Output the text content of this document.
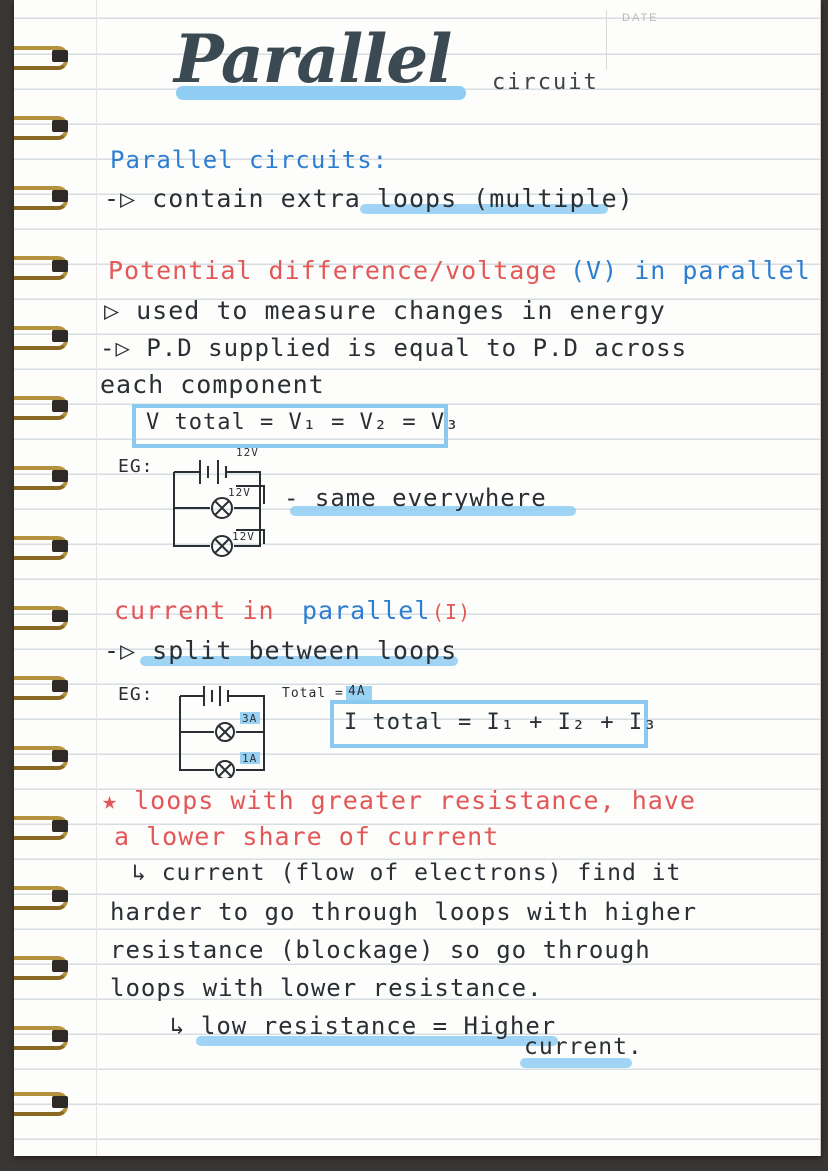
DATE
Parallel circuit
Parallel circuits:
-▷ contain extra loops (multiple)
Potential difference/voltage (V) in parallel
▷ used to measure changes in energy
-▷ P.D supplied is equal to P.D across
each component
V total = V₁ = V₂ = V₃
EG:
12V
12V
12V
- same everywhere
current in parallel (I)
-▷ split between loops
EG:
3A
1A
Total = 4A
I total = I₁ + I₂ + I₃
★ loops with greater resistance, have
a lower share of current
↳ current (flow of electrons) find it
harder to go through loops with higher
resistance (blockage) so go through
loops with lower resistance.
↳ low resistance = Higher
current.
